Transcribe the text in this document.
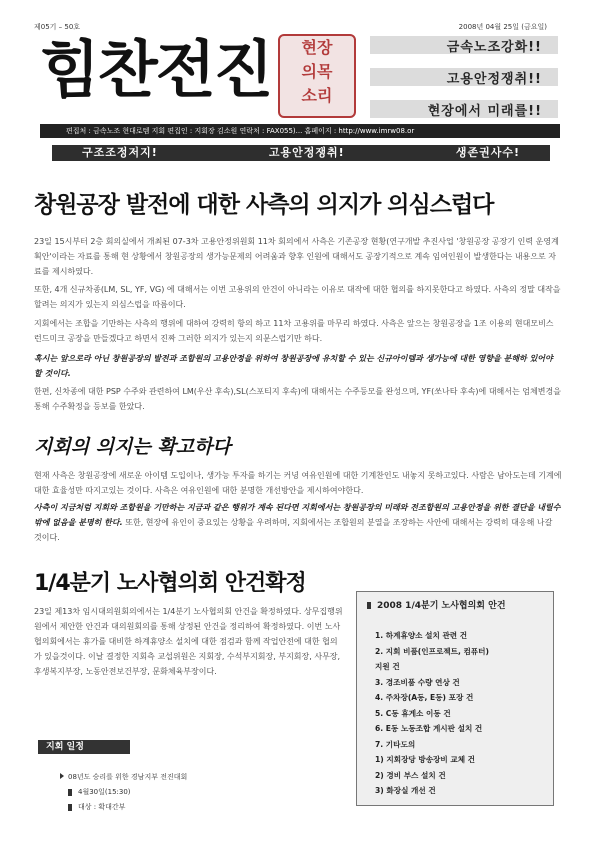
제05기 – 50호	2008년 04월 25일 (금요일)
힘찬전진	현장
의목
소리
금속노조강화!!
고용안정쟁취!!
현장에서 미래를!!
편집처 : 금속노조 현대로템 지회 편집인 : 지회장 김소원 연락처 : FAX055)... 홈페이지 : http://www.imrw08.or
구조조정저지!	고용안정쟁취!	생존권사수!
창원공장 발전에 대한 사측의 의지가 의심스럽다

23일 15시부터 2층 회의실에서 개최된 07-3차 고용안정위원회 11차 회의에서 사측은 기존공장 현황(연구개발 추진사업 '창원공장 공장기 인력 운영계획안'이라는 자료를 통해 현 상황에서 창원공장의 생가능문제의 어려움과 향후 인원에 대해서도 공장기적으로 계속 임여인원이 발생한다는 내용으로 자료를 제시하였다.

또한, 4개 신규차종(LM, SL, YF, VG) 에 대해서는 이번 고용위의 안건이 아니라는 이유로 대작에 대한 협의를 하지못한다고 하였다. 사측의 정말 대작을 할려는 의지가 있는지 의심스럽을 따름이다.

지회에서는 조합을 기만하는 사측의 행위에 대하여 강력히 항의 하고 11차 고용위를 마무리 하였다. 사측은 앞으는 창원공장을 1조 이용의 현대모비스 런드미크 공장을 만들겠다고 하면서 진짜 그러한 의지가 있는지 의문스럽기만 하다.

혹시는 앞으로라 아닌 창원공장의 발전과 조합원의 고용안정을 위하여 창원공장에 유치할 수 있는 신규아이템과 생가능에 대한 영향을 분해하 있어야 할 것이다.

한편, 신차종에 대한 PSP 수주와 관련하여 LM(우산 후속),SL(스포티지 후속)에 대해서는 수주등모를 완성으며, YF(쏘나타 후속)에 대해서는 엄체변경을 통해 수주확정을 등보를 한았다.

지회의 의지는 확고하다

현재 사측은 창원공장에 새로운 아이템 도입이나, 생가능 투자를 하기는 커녕 여유인원에 대한 기계찬인도 내놓지 못하고있다. 사람은 남아도는데 기계에 대한 효율성만 따지고있는 것이다. 사측은 여유인원에 대한 분명한 개선방안을 제시하여야한다.

사측이 지금처럼 지회와 조합원을 기만하는 지금과 같은 행위가 계속 된다면 지회에서는 창원공장의 미래와 전조합원의 고용안정을 위한 결단을 내릴수밖에 없음을 분명히 한다. 또한, 현장에 유인이 중요있는 상황을 우려하며, 지회에서는 조합원의 분열을 조장하는 사안에 대해서는 강력히 대응해 나갈 것이다.

1/4분기 노사협의회 안건확정

23일 제13차 임시대의원회의에서는 1/4분기 노사협의회 안건을 확정하였다. 상무집행위원에서 제안한 안건과 대의원회의를 통해 상정된 안건을 정리하여 확정하였다. 이번 노사협의회에서는 휴가를 대비한 하계휴양소 설치에 대한 점검과 함께 작업안전에 대한 협의가 있을것이다. 이날 결정한 지회측 교섭위원은 지회장, 수석부지회장, 부지회장, 사무장, 후생복지부장, 노동안전보건부장, 문화체육부장이다.

2008 1/4분기 노사협의회 안건
1. 하계휴양소 설치 관련 건
2. 지회 비품(인프로젝트, 컴퓨터)
지원 건
3. 경조비품 수량 연상 건
4. 주차장(A동, E동) 포장 건
5. C동 휴게소 이동 건
6. E동 노동조합 게시판 설치 건
7. 기타도의
1) 지회장당 방송장비 교체 건
2) 경비 부스 설치 건
3) 화장실 개선 건
지회 일정
08년도 승리를 위한 경남지부 전진대회
4월30일(15:30)
대상 : 확대간부
